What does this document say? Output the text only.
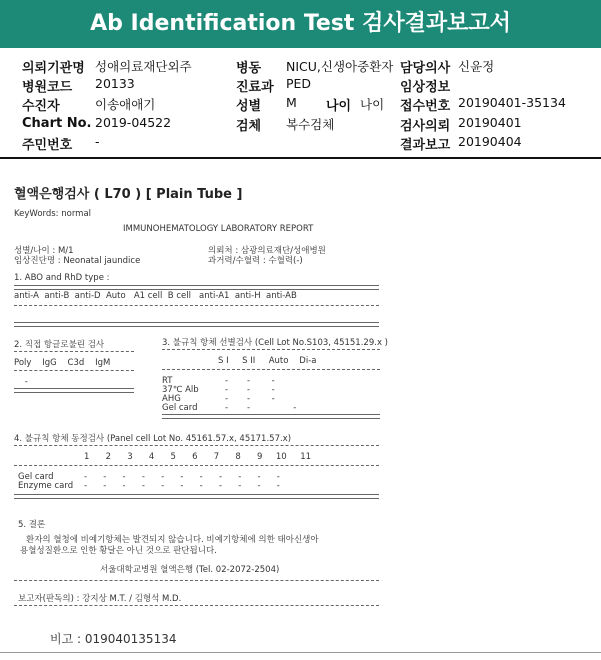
Ab Identification Test 검사결과보고서
의뢰기관명 성애의료재단외주
병원코드 20133
수진자	이송애애기
Chart No. 2019-04522
주민번호 -
병동 NICU,신생아중환자
진료과 PED
성별 M 나이 나이
검체 복수검체
담당의사 신윤정
임상정보
접수번호 20190401-35134
검사의뢰 20190401
결과보고 20190404
혈액은행검사 ( L70 ) [ Plain Tube ]
KeyWords: normal
IMMUNOHEMATOLOGY LABORATORY REPORT
성별/나이 : M/1
임상진단명 : Neonatal jaundice
의뢰처 : 삼광의료재단/성애병원
과거력/수혈력 : 수혈력(-)
1. ABO and RhD type :
anti-A  anti-B  anti-D  Auto   A1 cell  B cell   anti-A1  anti-H  anti-AB
2. 직접 항글로불린 검사
Poly    IgG    C3d    IgM
-
3. 불규칙 항체 선별검사 (Cell Lot No.S103, 45151.29.x )
S I     S II     Auto    Di-a
RT
37℃ Alb
AHG
Gel card
-       -        -
-       -        -
-       -        -
-       -                -
4. 불규칙 항체 동정검사 (Panel cell Lot No. 45161.57.x, 45171.57.x)
1      2      3      4      5      6      7      8      9     10     11
Gel card
Enzyme card
-      -      -      -      -      -      -      -      -      -      -
-      -      -      -      -      -      -      -      -      -      -
5. 결론
환자의 혈청에 비예기항체는 발견되지 않습니다. 비예기항체에 의한 태아신생아
용혈성질환으로 인한 황달은 아닌 것으로 판단됩니다.
서울대학교병원 혈액은행 (Tel. 02-2072-2504)
보고자(판독의) : 강지상 M.T. / 김형석 M.D.
비고 : 019040135134
